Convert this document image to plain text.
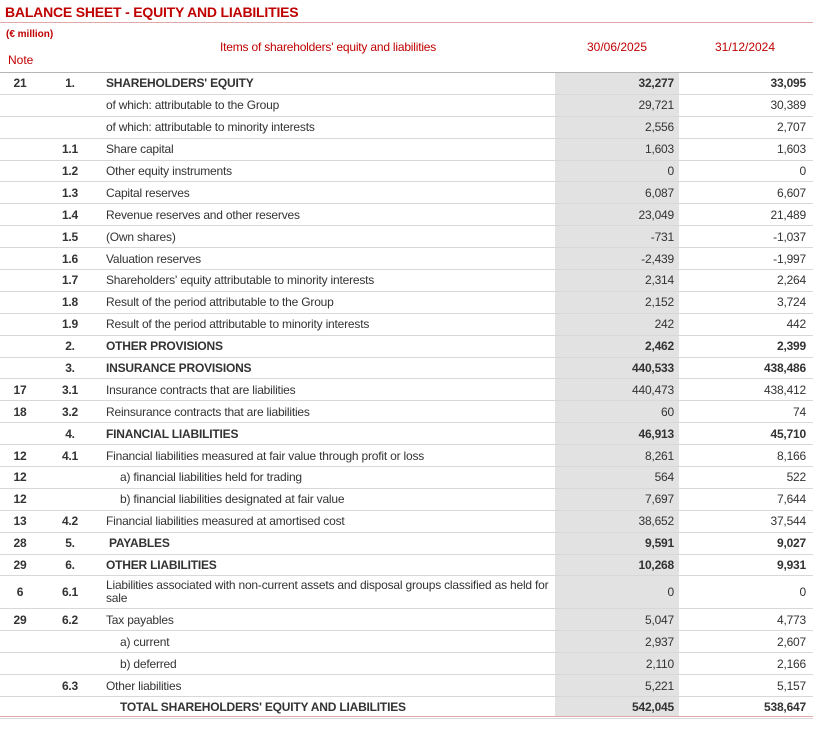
BALANCE SHEET - EQUITY AND LIABILITIES
(€ million)
Note
Items of shareholders' equity and liabilities	30/06/2025	31/12/2024
21	1.	SHAREHOLDERS' EQUITY	32,277	33,095
of which: attributable to the Group	29,721	30,389
of which: attributable to minority interests	2,556	2,707
1.1	Share capital	1,603	1,603
1.2	Other equity instruments	0	0
1.3	Capital reserves	6,087	6,607
1.4	Revenue reserves and other reserves	23,049	21,489
1.5	(Own shares)	-731	-1,037
1.6	Valuation reserves	-2,439	-1,997
1.7	Shareholders' equity attributable to minority interests	2,314	2,264
1.8	Result of the period attributable to the Group	2,152	3,724
1.9	Result of the period attributable to minority interests	242	442
2.	OTHER PROVISIONS	2,462	2,399
3.	INSURANCE PROVISIONS	440,533	438,486
17	3.1	Insurance contracts that are liabilities	440,473	438,412
18	3.2	Reinsurance contracts that are liabilities	60	74
4.	FINANCIAL LIABILITIES	46,913	45,710
12	4.1	Financial liabilities measured at fair value through profit or loss	8,261	8,166
12	a) financial liabilities held for trading	564	522
12	b) financial liabilities designated at fair value	7,697	7,644
13	4.2	Financial liabilities measured at amortised cost	38,652	37,544
28	5.	PAYABLES	9,591	9,027
29	6.	OTHER LIABILITIES	10,268	9,931
6	6.1	Liabilities associated with non-current assets and disposal groups classified as held for sale	0	0
29	6.2	Tax payables	5,047	4,773
a) current	2,937	2,607
b) deferred	2,110	2,166
6.3	Other liabilities	5,221	5,157
TOTAL SHAREHOLDERS' EQUITY AND LIABILITIES	542,045	538,647
